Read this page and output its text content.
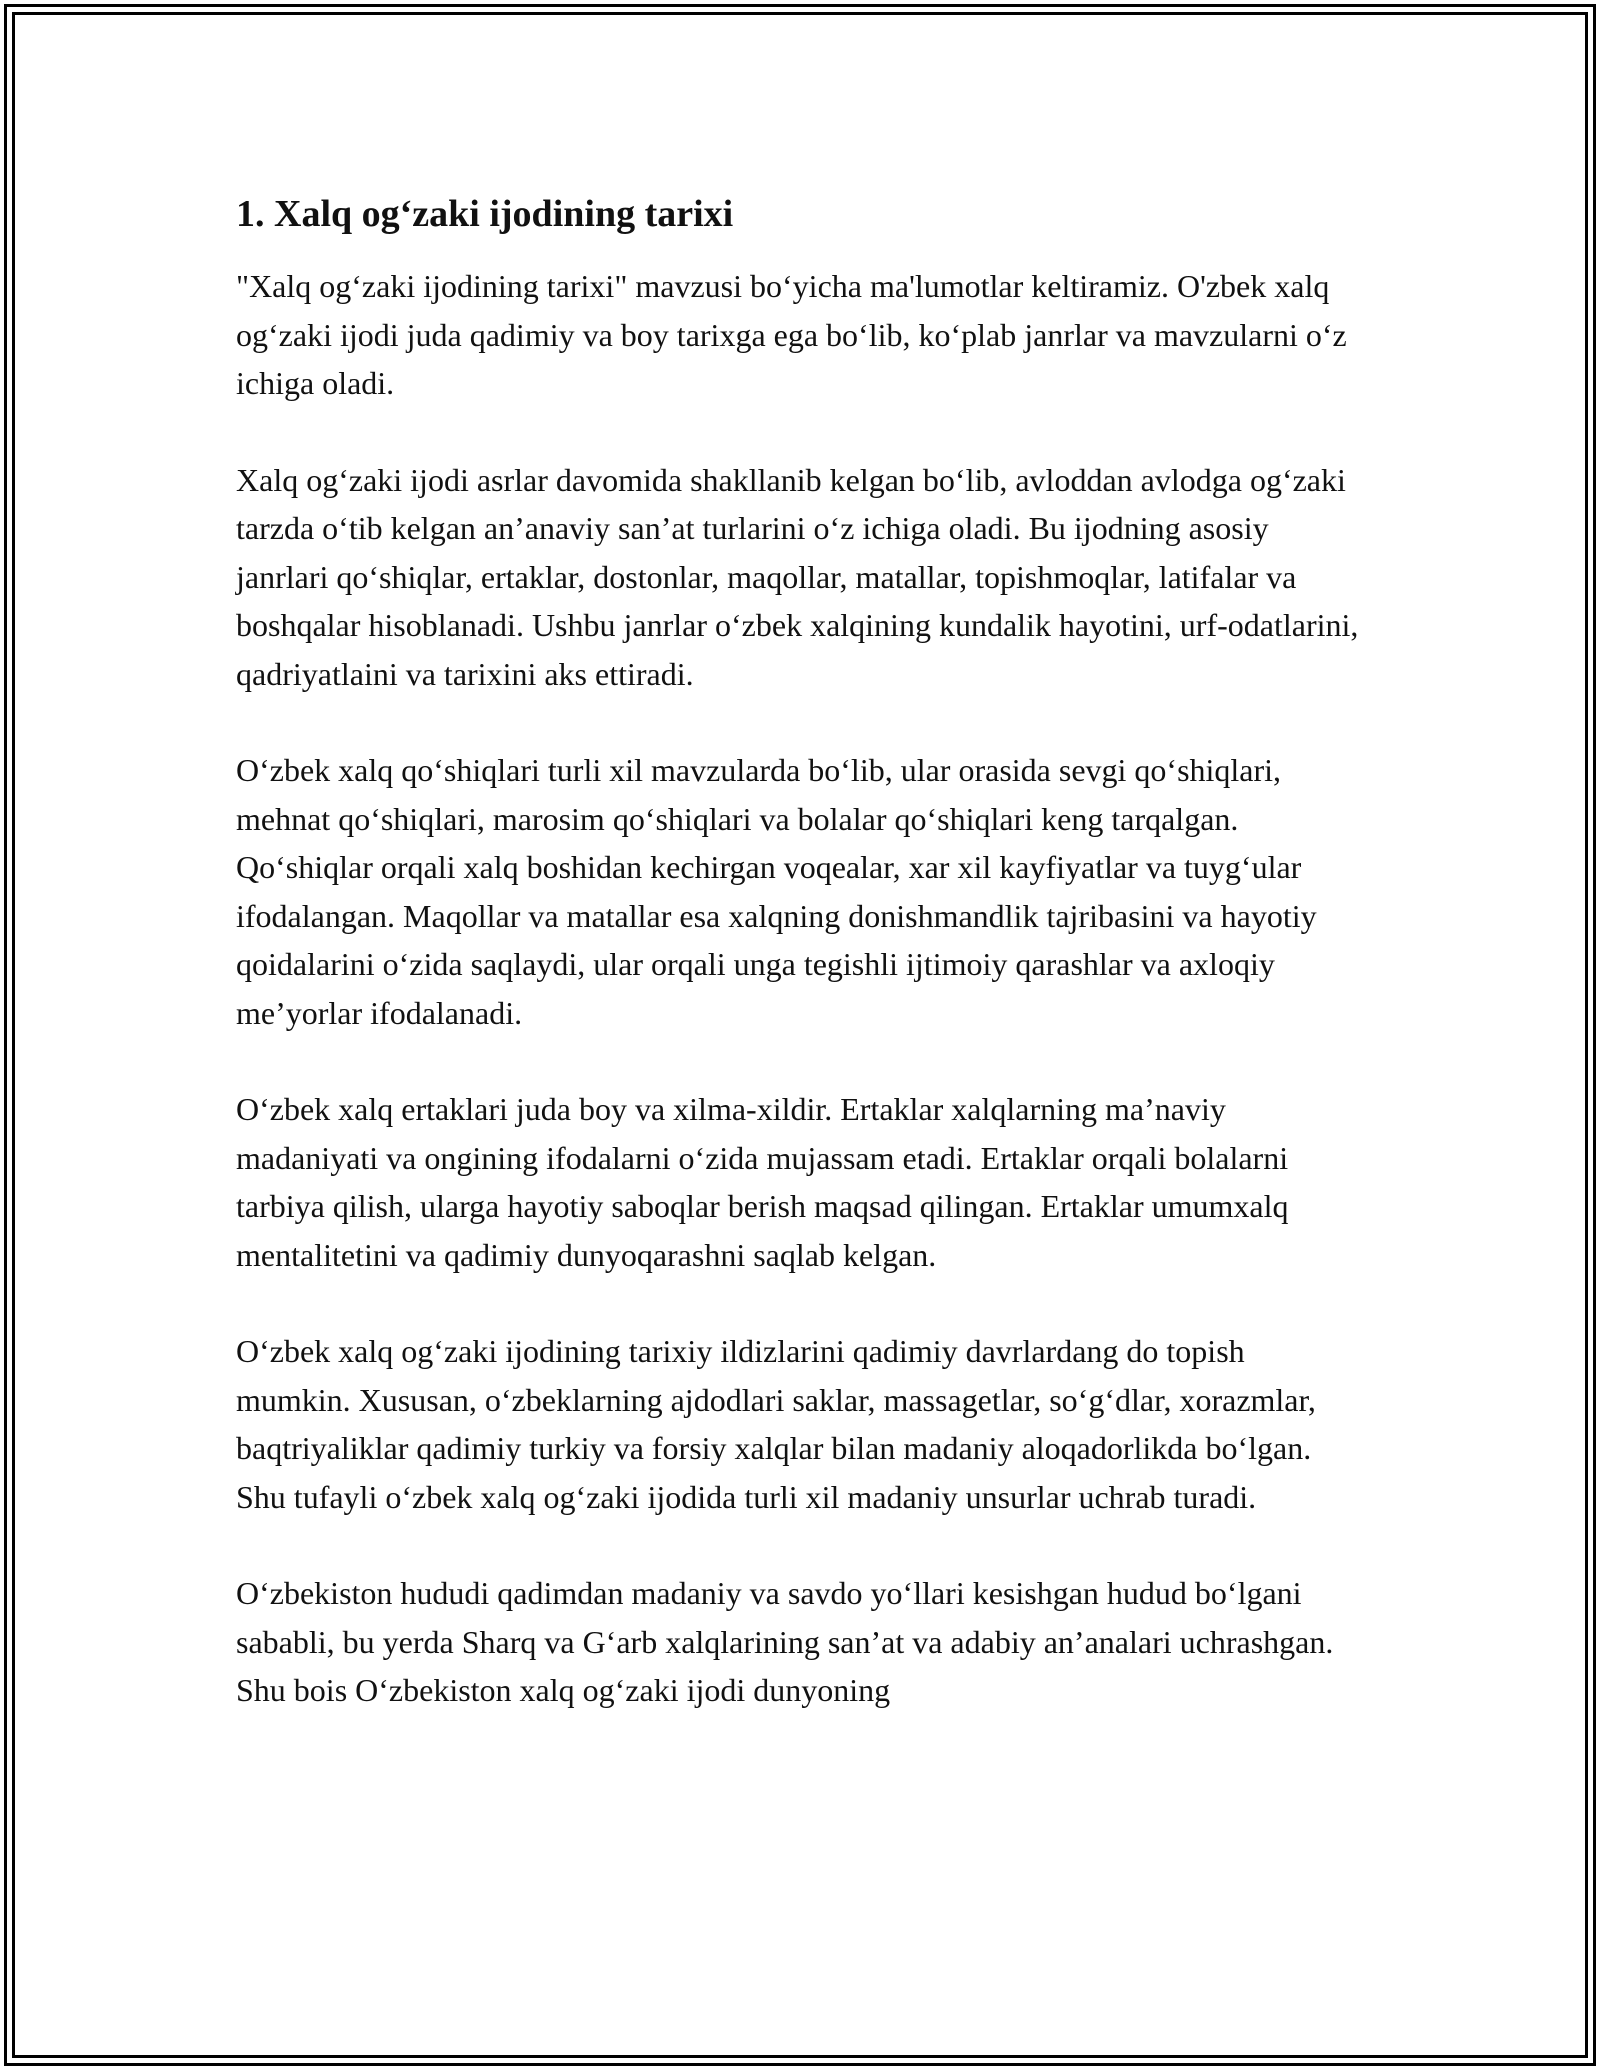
1. Xalq og‘zaki ijodining tarixi

"Xalq og‘zaki ijodining tarixi" mavzusi bo‘yicha ma'lumotlar keltiramiz. O'zbek xalq og‘zaki ijodi juda qadimiy va boy tarixga ega bo‘lib, ko‘plab janrlar va mavzularni o‘z ichiga oladi.

Xalq og‘zaki ijodi asrlar davomida shakllanib kelgan bo‘lib, avloddan avlodga og‘zaki tarzda o‘tib kelgan an’anaviy san’at turlarini o‘z ichiga oladi. Bu ijodning asosiy janrlari qo‘shiqlar, ertaklar, dostonlar, maqollar, matallar, topishmoqlar, latifalar va boshqalar hisoblanadi. Ushbu janrlar o‘zbek xalqining kundalik hayotini, urf-odatlarini, qadriyatlaini va tarixini aks ettiradi.

O‘zbek xalq qo‘shiqlari turli xil mavzularda bo‘lib, ular orasida sevgi qo‘shiqlari, mehnat qo‘shiqlari, marosim qo‘shiqlari va bolalar qo‘shiqlari keng tarqalgan. Qo‘shiqlar orqali xalq boshidan kechirgan voqealar, xar xil kayfiyatlar va tuyg‘ular ifodalangan. Maqollar va matallar esa xalqning donishmandlik tajribasini va hayotiy qoidalarini o‘zida saqlaydi, ular orqali unga tegishli ijtimoiy qarashlar va axloqiy me’yorlar ifodalanadi.

O‘zbek xalq ertaklari juda boy va xilma-xildir. Ertaklar xalqlarning ma’naviy madaniyati va ongining ifodalarni o‘zida mujassam etadi. Ertaklar orqali bolalarni tarbiya qilish, ularga hayotiy saboqlar berish maqsad qilingan. Ertaklar umumxalq mentalitetini va qadimiy dunyoqarashni saqlab kelgan.

O‘zbek xalq og‘zaki ijodining tarixiy ildizlarini qadimiy davrlardang do topish mumkin. Xususan, o‘zbeklarning ajdodlari saklar, massagetlar, so‘g‘dlar, xorazmlar, baqtriyaliklar qadimiy turkiy va forsiy xalqlar bilan madaniy aloqadorlikda bo‘lgan. Shu tufayli o‘zbek xalq og‘zaki ijodida turli xil madaniy unsurlar uchrab turadi.

O‘zbekiston hududi qadimdan madaniy va savdo yo‘llari kesishgan hudud bo‘lgani sababli, bu yerda Sharq va G‘arb xalqlarining san’at va adabiy an’analari uchrashgan. Shu bois O‘zbekiston xalq og‘zaki ijodi dunyoning
